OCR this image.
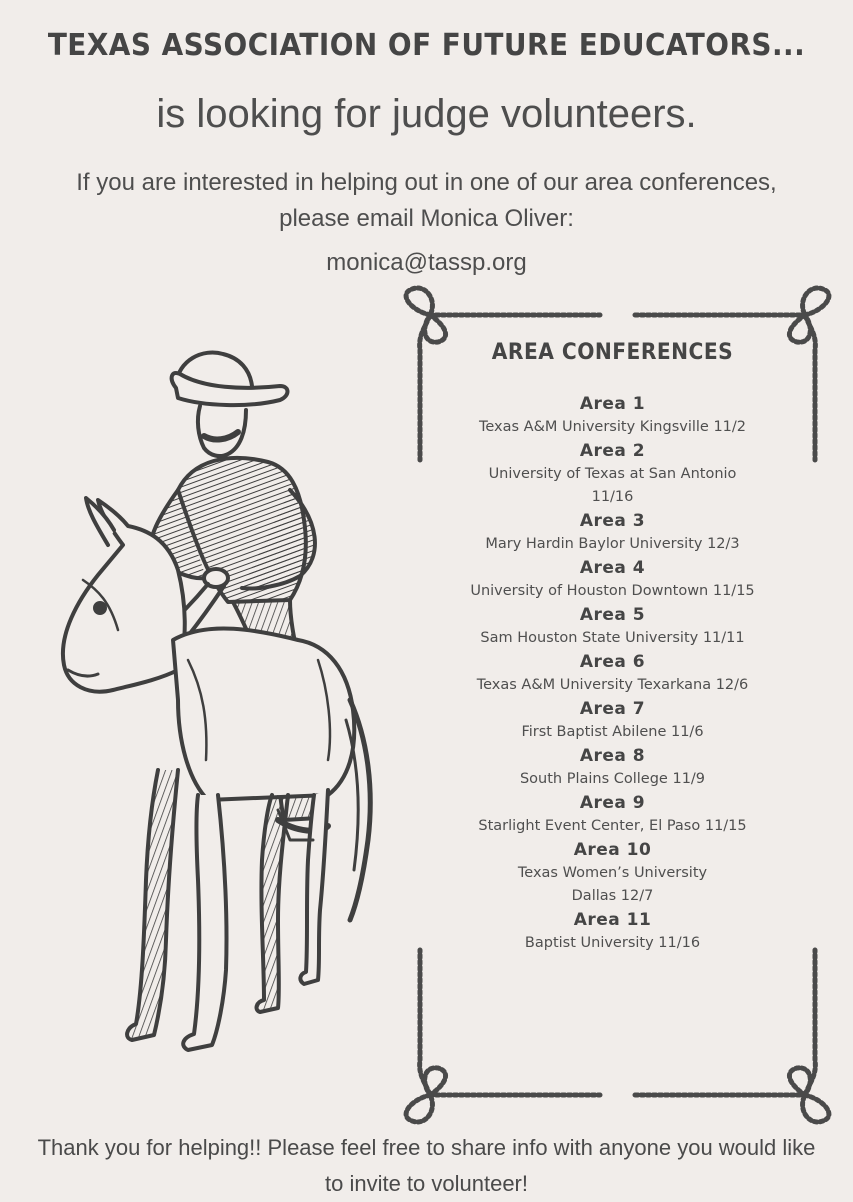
TEXAS ASSOCIATION OF FUTURE EDUCATORS...
is looking for judge volunteers.

If you are interested in helping out in one of our area conferences, please email Monica Oliver:

monica@tassp.org
AREA CONFERENCES
Area 1
Texas A&M University Kingsville 11/2
Area 2
University of Texas at San Antonio
11/16
Area 3
Mary Hardin Baylor University 12/3
Area 4
University of Houston Downtown 11/15
Area 5
Sam Houston State University 11/11
Area 6
Texas A&M University Texarkana 12/6
Area 7
First Baptist Abilene 11/6
Area 8
South Plains College 11/9
Area 9
Starlight Event Center, El Paso 11/15
Area 10
Texas Women’s University
Dallas 12/7
Area 11
Baptist University 11/16

Thank you for helping!! Please feel free to share info with anyone you would like to invite to volunteer!
